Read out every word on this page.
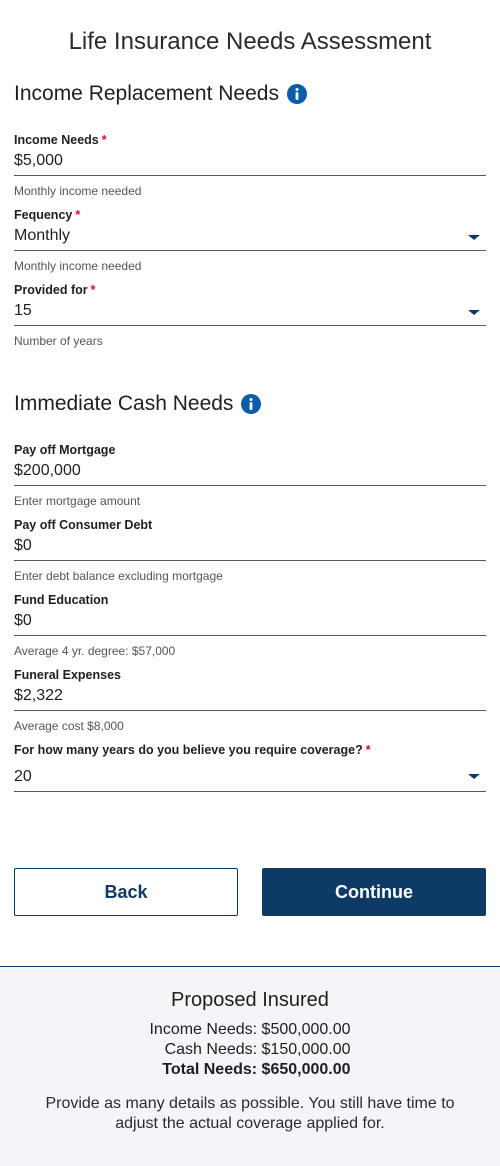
Life Insurance Needs Assessment
Income Replacement Needs
Income Needs *
$5,000
Monthly income needed
Fequency *
Monthly
Monthly income needed
Provided for *
15
Number of years
Immediate Cash Needs
Pay off Mortgage
$200,000
Enter mortgage amount
Pay off Consumer Debt
$0
Enter debt balance excluding mortgage
Fund Education
$0
Average 4 yr. degree: $57,000
Funeral Expenses
$2,322
Average cost $8,000
For how many years do you believe you require coverage? *
20
Back	Continue
Proposed Insured
Income Needs: $500,000.00
Cash Needs: $150,000.00
Total Needs: $650,000.00
Provide as many details as possible. You still have time to adjust the actual coverage applied for.
